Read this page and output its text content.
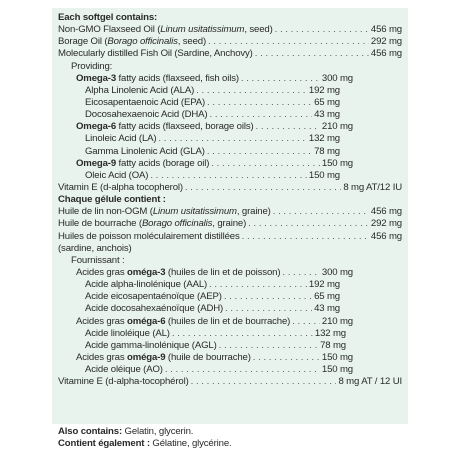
Each softgel contains:
Non-GMO Flaxseed Oil (Linum usitatissimum, seed) . . .	456 mg
Borage Oil (Borago officinalis, seed) . . .	292 mg
Molecularly distilled Fish Oil (Sardine, Anchovy) . . .	456 mg
Providing:
Omega-3 fatty acids (flaxseed, fish oils) . . .	300 mg
Alpha Linolenic Acid (ALA) . . .	192 mg
Eicosapentaenoic Acid (EPA) . . .	65 mg
Docosahexaenoic Acid (DHA) . . .	43 mg
Omega-6 fatty acids (flaxseed, borage oils) . . .	210 mg
Linoleic Acid (LA) . . .	132 mg
Gamma Linolenic Acid (GLA) . . .	78 mg
Omega-9 fatty acids (borage oil) . . .	150 mg
Oleic Acid (OA) . . .	150 mg
Vitamin E (d-alpha tocopherol) . . .	8 mg AT/12 IU
Chaque gélule contient :
Huile de lin non-OGM (Linum usitatissimum, graine) . . .	456 mg
Huile de bourrache (Borago officinalis, graine) . . .	292 mg
Huiles de poisson moléculairement distillées . . .	456 mg
(sardine, anchois)
Fournissant :
Acides gras oméga-3 (huiles de lin et de poisson) . . .	300 mg
Acide alpha-linolénique (AAL) . . .	192 mg
Acide eicosapentaénoïque (AEP) . . .	65 mg
Acide docosahexaénoïque (ADH) . . .	43 mg
Acides gras oméga-6 (huiles de lin et de bourrache) . . .	210 mg
Acide linoléique (AL) . . .	132 mg
Acide gamma-linolénique (AGL) . . .	78 mg
Acides gras oméga-9 (huile de bourrache) . . .	150 mg
Acide oléique (AO) . . .	150 mg
Vitamine E (d-alpha-tocophérol) . . .	8 mg AT / 12 UI
Also contains: Gelatin, glycerin.
Contient également : Gélatine, glycérine.
